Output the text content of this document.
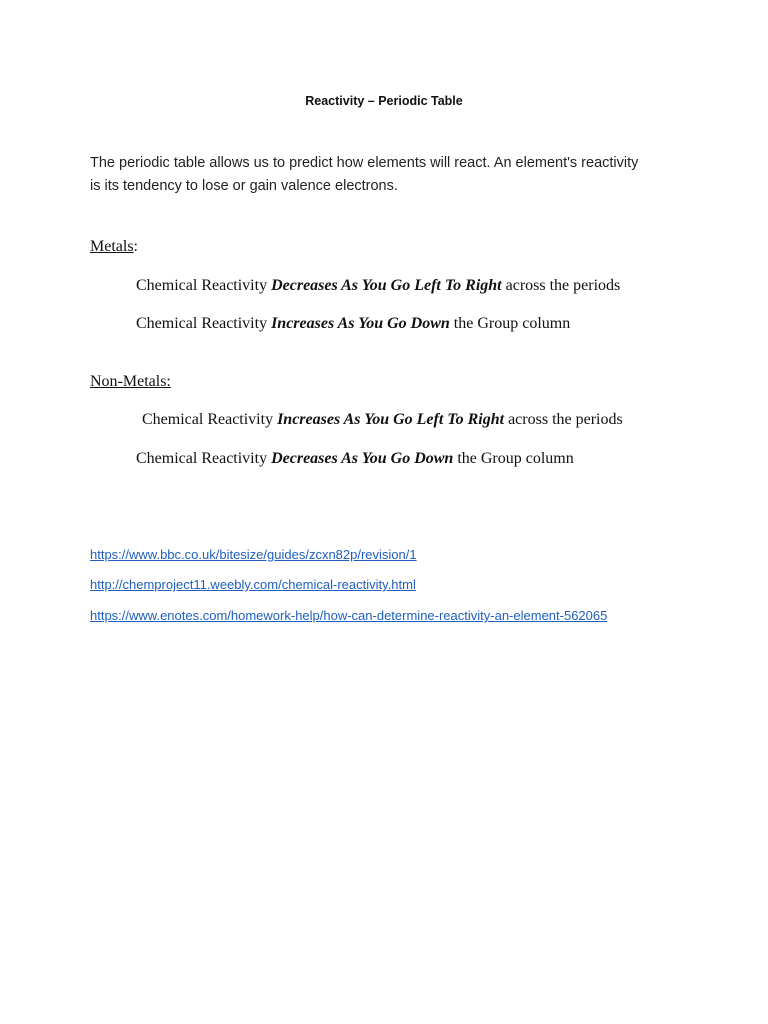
Reactivity – Periodic Table
The periodic table allows us to predict how elements will react. An element's reactivity
is its tendency to lose or gain valence electrons.
Metals:
Chemical Reactivity Decreases As You Go Left To Right across the periods
Chemical Reactivity Increases As You Go Down the Group column
Non-Metals:
Chemical Reactivity Increases As You Go Left To Right across the periods
Chemical Reactivity Decreases As You Go Down the Group column
https://www.bbc.co.uk/bitesize/guides/zcxn82p/revision/1
http://chemproject11.weebly.com/chemical-reactivity.html
https://www.enotes.com/homework-help/how-can-determine-reactivity-an-element-562065
